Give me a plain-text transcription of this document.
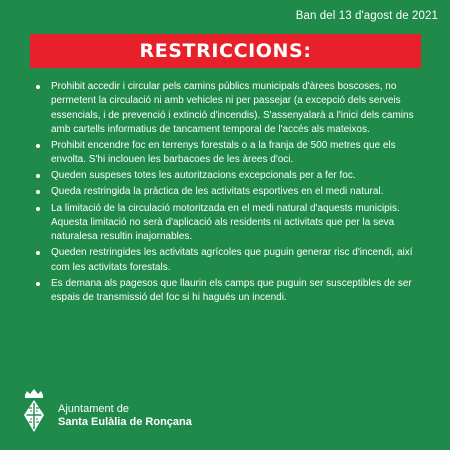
Ban del 13 d'agost de 2021
RESTRICCIONS:
Prohibit accedir i circular pels camins públics municipals d'àrees boscoses, no permetent la circulació ni amb vehicles ni per passejar (a excepció dels serveis essencials, i de prevenció i extinció d'incendis). S'assenyalarà a l'inici dels camins amb cartells informatius de tancament temporal de l'accés als mateixos.
Prohibit encendre foc en terrenys forestals o a la franja de 500 metres que els envolta. S'hi inclouen les barbacoes de les àrees d'oci.
Queden suspeses totes les autoritzacions excepcionals per a fer foc.
Queda restringida la pràctica de les activitats esportives en el medi natural.
La limitació de la circulació motoritzada en el medi natural d'aquests municipis. Aquesta limitació no serà d'aplicació als residents ni activitats que per la seva naturalesa resultin inajornables.
Queden restringides les activitats agrícoles que puguin generar risc d'incendi, així com les activitats forestals.
Es demana als pagesos que llaurin els camps que puguin ser susceptibles de ser espais de transmissió del foc si hi hagués un incendi.
Ajuntament de
Santa Eulàlia de Ronçana
